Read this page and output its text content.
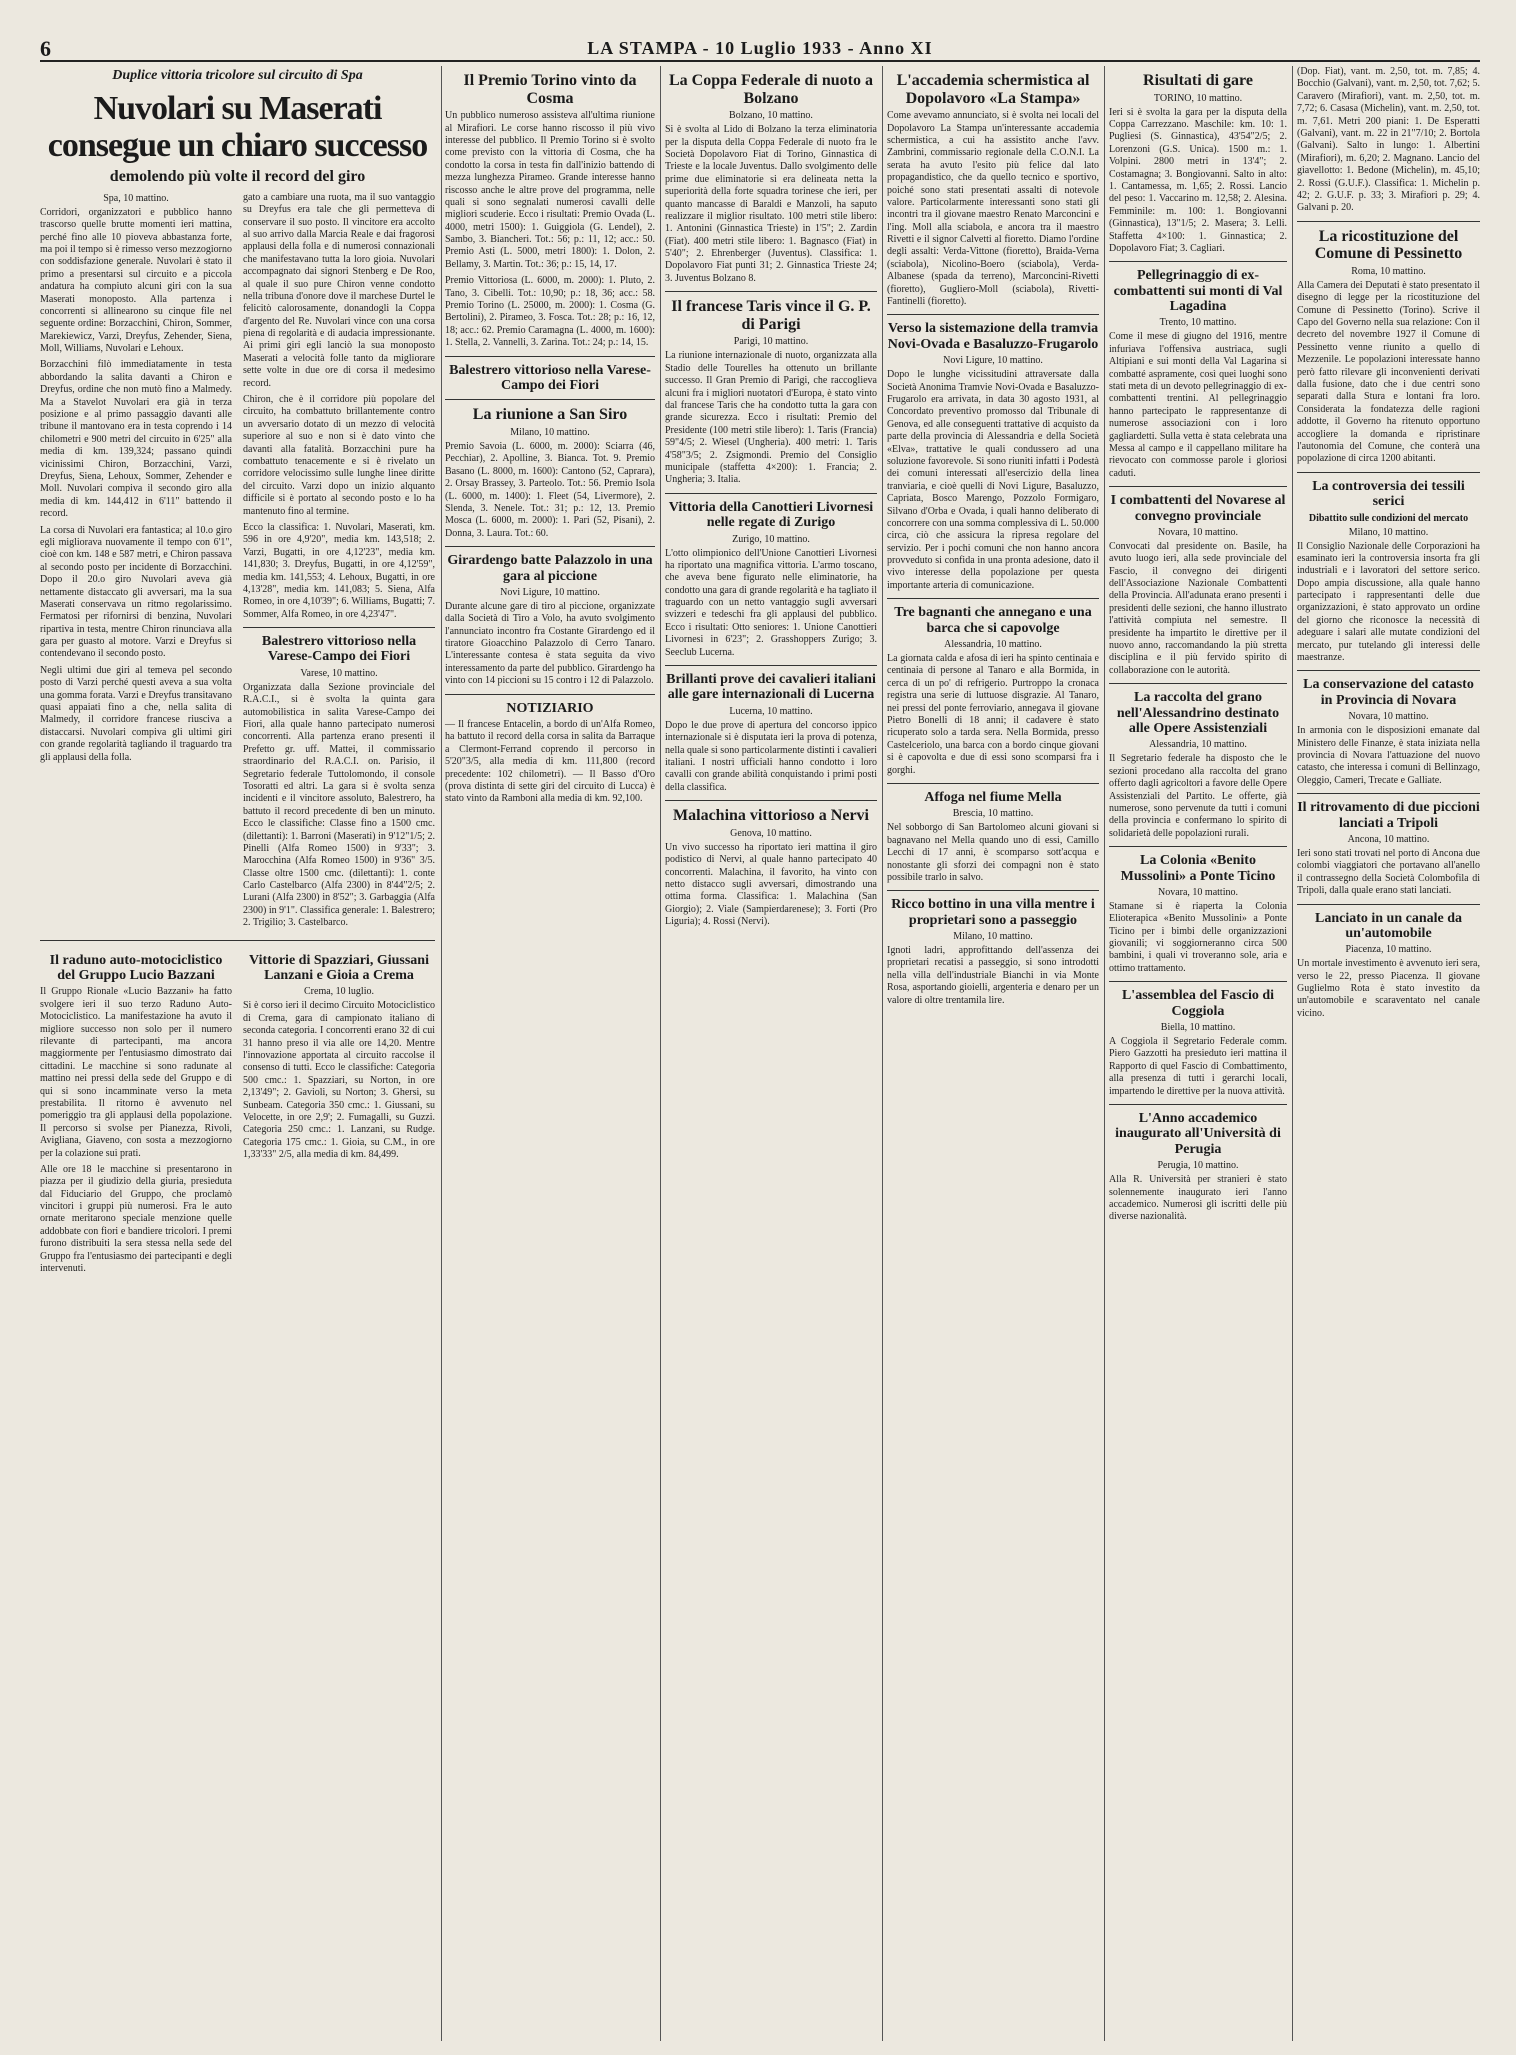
6	LA STAMPA - 10 Luglio 1933 - Anno XI
Duplice vittoria tricolore sul circuito di Spa
Nuvolari su Maserati consegue un chiaro successo
demolendo più volte il record del giro
Spa, 10 mattino.

Corridori, organizzatori e pubblico hanno trascorso quelle brutte momenti ieri mattina, perché fino alle 10 pioveva abbastanza forte, ma poi il tempo si è rimesso verso mezzogiorno con soddisfazione generale. Nuvolari è stato il primo a presentarsi sul circuito e a piccola andatura ha compiuto alcuni giri con la sua Maserati monoposto. Alla partenza i concorrenti si allinearono su cinque file nel seguente ordine: Borzacchini, Chiron, Sommer, Marekiewicz, Varzi, Dreyfus, Zehender, Siena, Moll, Williams, Nuvolari e Lehoux.

Borzacchini filò immediatamente in testa abbordando la salita davanti a Chiron e Dreyfus, ordine che non mutò fino a Malmedy. Ma a Stavelot Nuvolari era già in terza posizione e al primo passaggio davanti alle tribune il mantovano era in testa coprendo i 14 chilometri e 900 metri del circuito in 6'25" alla media di km. 139,324; passano quindi vicinissimi Chiron, Borzacchini, Varzi, Dreyfus, Siena, Lehoux, Sommer, Zehender e Moll. Nuvolari compiva il secondo giro alla media di km. 144,412 in 6'11" battendo il record.

La corsa di Nuvolari era fantastica; al 10.o giro egli migliorava nuovamente il tempo con 6'1", cioè con km. 148 e 587 metri, e Chiron passava al secondo posto per incidente di Borzacchini. Dopo il 20.o giro Nuvolari aveva già nettamente distaccato gli avversari, ma la sua Maserati conservava un ritmo regolarissimo. Fermatosi per rifornirsi di benzina, Nuvolari ripartiva in testa, mentre Chiron rinunciava alla gara per guasto al motore. Varzi e Dreyfus si contendevano il secondo posto.

Negli ultimi due giri al temeva pel secondo posto di Varzi perché questi aveva a sua volta una gomma forata. Varzi e Dreyfus transitavano quasi appaiati fino a che, nella salita di Malmedy, il corridore francese riusciva a distaccarsi. Nuvolari compiva gli ultimi giri con grande regolarità tagliando il traguardo tra gli applausi della folla.

gato a cambiare una ruota, ma il suo vantaggio su Dreyfus era tale che gli permetteva di conservare il suo posto. Il vincitore era accolto al suo arrivo dalla Marcia Reale e dai fragorosi applausi della folla e di numerosi connazionali che manifestavano tutta la loro gioia. Nuvolari accompagnato dai signori Stenberg e De Roo, al quale il suo pure Chiron venne condotto nella tribuna d'onore dove il marchese Durtel le felicitò calorosamente, donandogli la Coppa d'argento del Re. Nuvolari vince con una corsa piena di regolarità e di audacia impressionante. Ai primi giri egli lanciò la sua monoposto Maserati a velocità folle tanto da migliorare sette volte in due ore di corsa il medesimo record.

Chiron, che è il corridore più popolare del circuito, ha combattuto brillantemente contro un avversario dotato di un mezzo di velocità superiore al suo e non si è dato vinto che davanti alla fatalità. Borzacchini pure ha combattuto tenacemente e si è rivelato un corridore velocissimo sulle lunghe linee diritte del circuito. Varzi dopo un inizio alquanto difficile si è portato al secondo posto e lo ha mantenuto fino al termine.

Ecco la classifica: 1. Nuvolari, Maserati, km. 596 in ore 4,9'20", media km. 143,518; 2. Varzi, Bugatti, in ore 4,12'23", media km. 141,830; 3. Dreyfus, Bugatti, in ore 4,12'59", media km. 141,553; 4. Lehoux, Bugatti, in ore 4,13'28", media km. 141,083; 5. Siena, Alfa Romeo, in ore 4,10'39"; 6. Williams, Bugatti; 7. Sommer, Alfa Romeo, in ore 4,23'47".

Balestrero vittorioso nella Varese-Campo dei Fiori
Varese, 10 mattino.

Organizzata dalla Sezione provinciale del R.A.C.I., si è svolta la quinta gara automobilistica in salita Varese-Campo dei Fiori, alla quale hanno partecipato numerosi concorrenti. Alla partenza erano presenti il Prefetto gr. uff. Mattei, il commissario straordinario del R.A.C.I. on. Parisio, il Segretario federale Tuttolomondo, il console Tosoratti ed altri. La gara si è svolta senza incidenti e il vincitore assoluto, Balestrero, ha battuto il record precedente di ben un minuto. Ecco le classifiche: Classe fino a 1500 cmc. (dilettanti): 1. Barroni (Maserati) in 9'12"1/5; 2. Pinelli (Alfa Romeo 1500) in 9'33"; 3. Marocchina (Alfa Romeo 1500) in 9'36" 3/5. Classe oltre 1500 cmc. (dilettanti): 1. conte Carlo Castelbarco (Alfa 2300) in 8'44"2/5; 2. Lurani (Alfa 2300) in 8'52"; 3. Garbaggia (Alfa 2300) in 9'1". Classifica generale: 1. Balestrero; 2. Trigilio; 3. Castelbarco.

Il raduno auto-motociclistico del Gruppo Lucio Bazzani

Il Gruppo Rionale «Lucio Bazzani» ha fatto svolgere ieri il suo terzo Raduno Auto-Motociclistico. La manifestazione ha avuto il migliore successo non solo per il numero rilevante di partecipanti, ma ancora maggiormente per l'entusiasmo dimostrato dai cittadini. Le macchine si sono radunate al mattino nei pressi della sede del Gruppo e di qui si sono incamminate verso la meta prestabilita. Il ritorno è avvenuto nel pomeriggio tra gli applausi della popolazione. Il percorso si svolse per Pianezza, Rivoli, Avigliana, Giaveno, con sosta a mezzogiorno per la colazione sui prati.

Alle ore 18 le macchine si presentarono in piazza per il giudizio della giuria, presieduta dal Fiduciario del Gruppo, che proclamò vincitori i gruppi più numerosi. Fra le auto ornate meritarono speciale menzione quelle addobbate con fiori e bandiere tricolori. I premi furono distribuiti la sera stessa nella sede del Gruppo fra l'entusiasmo dei partecipanti e degli intervenuti.

Vittorie di Spazziari, Giussani Lanzani e Gioia a Crema
Crema, 10 luglio.

Si è corso ieri il decimo Circuito Motociclistico di Crema, gara di campionato italiano di seconda categoria. I concorrenti erano 32 di cui 31 hanno preso il via alle ore 14,20. Mentre l'innovazione apportata al circuito raccolse il consenso di tutti. Ecco le classifiche: Categoria 500 cmc.: 1. Spazziari, su Norton, in ore 2,13'49"; 2. Gavioli, su Norton; 3. Ghersi, su Sunbeam. Categoria 350 cmc.: 1. Giussani, su Velocette, in ore 2,9'; 2. Fumagalli, su Guzzi. Categoria 250 cmc.: 1. Lanzani, su Rudge. Categoria 175 cmc.: 1. Gioia, su C.M., in ore 1,33'33" 2/5, alla media di km. 84,499.

Il Premio Torino vinto da Cosma

Un pubblico numeroso assisteva all'ultima riunione al Mirafiori. Le corse hanno riscosso il più vivo interesse del pubblico. Il Premio Torino si è svolto come previsto con la vittoria di Cosma, che ha condotto la corsa in testa fin dall'inizio battendo di mezza lunghezza Pirameo. Grande interesse hanno riscosso anche le altre prove del programma, nelle quali si sono segnalati numerosi cavalli delle migliori scuderie. Ecco i risultati: Premio Ovada (L. 4000, metri 1500): 1. Guiggiola (G. Lendel), 2. Sambo, 3. Biancheri. Tot.: 56; p.: 11, 12; acc.: 50. Premio Asti (L. 5000, metri 1800): 1. Dolon, 2. Bellamy, 3. Martin. Tot.: 36; p.: 15, 14, 17.

Premio Vittoriosa (L. 6000, m. 2000): 1. Pluto, 2. Tano, 3. Cibelli. Tot.: 10,90; p.: 18, 36; acc.: 58. Premio Torino (L. 25000, m. 2000): 1. Cosma (G. Bertolini), 2. Pirameo, 3. Fosca. Tot.: 28; p.: 16, 12, 18; acc.: 62. Premio Caramagna (L. 4000, m. 1600): 1. Stella, 2. Vannelli, 3. Zarina. Tot.: 24; p.: 14, 15.

Balestrero vittorioso nella Varese-Campo dei Fiori
La riunione a San Siro
Milano, 10 mattino.

Premio Savoia (L. 6000, m. 2000): Sciarra (46, Pecchiar), 2. Apolline, 3. Bianca. Tot. 9. Premio Basano (L. 8000, m. 1600): Cantono (52, Caprara), 2. Orsay Brassey, 3. Parteolo. Tot.: 56. Premio Isola (L. 6000, m. 1400): 1. Fleet (54, Livermore), 2. Slenda, 3. Nenele. Tot.: 31; p.: 12, 13. Premio Mosca (L. 6000, m. 2000): 1. Pari (52, Pisani), 2. Donna, 3. Laura. Tot.: 60.

Girardengo batte Palazzolo in una gara al piccione
Novi Ligure, 10 mattino.

Durante alcune gare di tiro al piccione, organizzate dalla Società di Tiro a Volo, ha avuto svolgimento l'annunciato incontro fra Costante Girardengo ed il tiratore Gioacchino Palazzolo di Cerro Tanaro. L'interessante contesa è stata seguita da vivo interessamento da parte del pubblico. Girardengo ha vinto con 14 piccioni su 15 contro i 12 di Palazzolo.

NOTIZIARIO

— Il francese Entacelin, a bordo di un'Alfa Romeo, ha battuto il record della corsa in salita da Barraque a Clermont-Ferrand coprendo il percorso in 5'20"3/5, alla media di km. 111,800 (record precedente: 102 chilometri). — Il Basso d'Oro (prova distinta di sette giri del circuito di Lucca) è stato vinto da Ramboni alla media di km. 92,100.

La Coppa Federale di nuoto a Bolzano
Bolzano, 10 mattino.

Si è svolta al Lido di Bolzano la terza eliminatoria per la disputa della Coppa Federale di nuoto fra le Società Dopolavoro Fiat di Torino, Ginnastica di Trieste e la locale Juventus. Dallo svolgimento delle prime due eliminatorie si era delineata netta la superiorità della forte squadra torinese che ieri, per quanto mancasse di Baraldi e Manzoli, ha saputo realizzare il miglior risultato. 100 metri stile libero: 1. Antonini (Ginnastica Trieste) in 1'5"; 2. Zardin (Fiat). 400 metri stile libero: 1. Bagnasco (Fiat) in 5'40"; 2. Ehrenberger (Juventus). Classifica: 1. Dopolavoro Fiat punti 31; 2. Ginnastica Trieste 24; 3. Juventus Bolzano 8.

Il francese Taris vince il G. P. di Parigi
Parigi, 10 mattino.

La riunione internazionale di nuoto, organizzata alla Stadio delle Tourelles ha ottenuto un brillante successo. Il Gran Premio di Parigi, che raccoglieva alcuni fra i migliori nuotatori d'Europa, è stato vinto dal francese Taris che ha condotto tutta la gara con grande sicurezza. Ecco i risultati: Premio del Presidente (100 metri stile libero): 1. Taris (Francia) 59"4/5; 2. Wiesel (Ungheria). 400 metri: 1. Taris 4'58"3/5; 2. Zsigmondi. Premio del Consiglio municipale (staffetta 4×200): 1. Francia; 2. Ungheria; 3. Italia.

Vittoria della Canottieri Livornesi nelle regate di Zurigo
Zurigo, 10 mattino.

L'otto olimpionico dell'Unione Canottieri Livornesi ha riportato una magnifica vittoria. L'armo toscano, che aveva bene figurato nelle eliminatorie, ha condotto una gara di grande regolarità e ha tagliato il traguardo con un netto vantaggio sugli avversari svizzeri e tedeschi fra gli applausi del pubblico. Ecco i risultati: Otto seniores: 1. Unione Canottieri Livornesi in 6'23"; 2. Grasshoppers Zurigo; 3. Seeclub Lucerna.

Brillanti prove dei cavalieri italiani alle gare internazionali di Lucerna
Lucerna, 10 mattino.

Dopo le due prove di apertura del concorso ippico internazionale si è disputata ieri la prova di potenza, nella quale si sono particolarmente distinti i cavalieri italiani. I nostri ufficiali hanno condotto i loro cavalli con grande abilità conquistando i primi posti della classifica.

Malachina vittorioso a Nervi
Genova, 10 mattino.

Un vivo successo ha riportato ieri mattina il giro podistico di Nervi, al quale hanno partecipato 40 concorrenti. Malachina, il favorito, ha vinto con netto distacco sugli avversari, dimostrando una ottima forma. Classifica: 1. Malachina (San Giorgio); 2. Viale (Sampierdarenese); 3. Forti (Pro Liguria); 4. Rossi (Nervi).

L'accademia schermistica al Dopolavoro «La Stampa»

Come avevamo annunciato, si è svolta nei locali del Dopolavoro La Stampa un'interessante accademia schermistica, a cui ha assistito anche l'avv. Zambrini, commissario regionale della C.O.N.I. La serata ha avuto l'esito più felice dal lato propagandistico, che da quello tecnico e sportivo, poiché sono stati presentati assalti di notevole valore. Particolarmente interessanti sono stati gli incontri tra il giovane maestro Renato Marconcini e l'ing. Moll alla sciabola, e ancora tra il maestro Rivetti e il signor Calvetti al fioretto. Diamo l'ordine degli assalti: Verda-Vittone (fioretto), Braida-Verna (sciabola), Nicolino-Boero (sciabola), Verda-Albanese (spada da terreno), Marconcini-Rivetti (fioretto), Gugliero-Moll (sciabola), Rivetti-Fantinelli (fioretto).

Verso la sistemazione della tramvia Novi-Ovada e Basaluzzo-Frugarolo
Novi Ligure, 10 mattino.

Dopo le lunghe vicissitudini attraversate dalla Società Anonima Tramvie Novi-Ovada e Basaluzzo-Frugarolo era arrivata, in data 30 agosto 1931, al Concordato preventivo promosso dal Tribunale di Genova, ed alle conseguenti trattative di acquisto da parte della provincia di Alessandria e della Società «Elva», trattative le quali condussero ad una soluzione favorevole. Si sono riuniti infatti i Podestà dei comuni interessati all'esercizio della linea tranviaria, e cioè quelli di Novi Ligure, Basaluzzo, Capriata, Bosco Marengo, Pozzolo Formigaro, Silvano d'Orba e Ovada, i quali hanno deliberato di concorrere con una somma complessiva di L. 50.000 circa, ciò che assicura la ripresa regolare del servizio. Per i pochi comuni che non hanno ancora provveduto si confida in una pronta adesione, dato il vivo interesse della popolazione per questa importante arteria di comunicazione.

Tre bagnanti che annegano e una barca che si capovolge
Alessandria, 10 mattino.

La giornata calda e afosa di ieri ha spinto centinaia e centinaia di persone al Tanaro e alla Bormida, in cerca di un po' di refrigerio. Purtroppo la cronaca registra una serie di luttuose disgrazie. Al Tanaro, nei pressi del ponte ferroviario, annegava il giovane Pietro Bonelli di 18 anni; il cadavere è stato ricuperato solo a tarda sera. Nella Bormida, presso Castelceriolo, una barca con a bordo cinque giovani si è capovolta e due di essi sono scomparsi fra i gorghi.

Affoga nel fiume Mella
Brescia, 10 mattino.

Nel sobborgo di San Bartolomeo alcuni giovani si bagnavano nel Mella quando uno di essi, Camillo Lecchi di 17 anni, è scomparso sott'acqua e nonostante gli sforzi dei compagni non è stato possibile trarlo in salvo.

Ricco bottino in una villa mentre i proprietari sono a passeggio
Milano, 10 mattino.

Ignoti ladri, approfittando dell'assenza dei proprietari recatisi a passeggio, si sono introdotti nella villa dell'industriale Bianchi in via Monte Rosa, asportando gioielli, argenteria e denaro per un valore di oltre trentamila lire.

Risultati di gare
TORINO, 10 mattino.

Ieri si è svolta la gara per la disputa della Coppa Carrezzano. Maschile: km. 10: 1. Pugliesi (S. Ginnastica), 43'54"2/5; 2. Lorenzoni (G.S. Unica). 1500 m.: 1. Volpini. 2800 metri in 13'4"; 2. Costamagna; 3. Bongiovanni. Salto in alto: 1. Cantamessa, m. 1,65; 2. Rossi. Lancio del peso: 1. Vaccarino m. 12,58; 2. Alesina. Femminile: m. 100: 1. Bongiovanni (Ginnastica), 13"1/5; 2. Masera; 3. Lelli. Staffetta 4×100: 1. Ginnastica; 2. Dopolavoro Fiat; 3. Cagliari.

Pellegrinaggio di ex-combattenti sui monti di Val Lagadina
Trento, 10 mattino.

Come il mese di giugno del 1916, mentre infuriava l'offensiva austriaca, sugli Altipiani e sui monti della Val Lagarina si combatté aspramente, così quei luoghi sono stati meta di un devoto pellegrinaggio di ex-combattenti trentini. Al pellegrinaggio hanno partecipato le rappresentanze di numerose associazioni con i loro gagliardetti. Sulla vetta è stata celebrata una Messa al campo e il cappellano militare ha rievocato con commosse parole i gloriosi caduti.

I combattenti del Novarese al convegno provinciale
Novara, 10 mattino.

Convocati dal presidente on. Basile, ha avuto luogo ieri, alla sede provinciale del Fascio, il convegno dei dirigenti dell'Associazione Nazionale Combattenti della Provincia. All'adunata erano presenti i presidenti delle sezioni, che hanno illustrato l'attività compiuta nel semestre. Il presidente ha impartito le direttive per il nuovo anno, raccomandando la più stretta disciplina e il più fervido spirito di collaborazione con le autorità.

La raccolta del grano nell'Alessandrino destinato alle Opere Assistenziali
Alessandria, 10 mattino.

Il Segretario federale ha disposto che le sezioni procedano alla raccolta del grano offerto dagli agricoltori a favore delle Opere Assistenziali del Partito. Le offerte, già numerose, sono pervenute da tutti i comuni della provincia e confermano lo spirito di solidarietà delle popolazioni rurali.

La Colonia «Benito Mussolini» a Ponte Ticino
Novara, 10 mattino.

Stamane si è riaperta la Colonia Elioterapica «Benito Mussolini» a Ponte Ticino per i bimbi delle organizzazioni giovanili; vi soggiorneranno circa 500 bambini, i quali vi troveranno sole, aria e ottimo trattamento.

L'assemblea del Fascio di Coggiola
Biella, 10 mattino.

A Coggiola il Segretario Federale comm. Piero Gazzotti ha presieduto ieri mattina il Rapporto di quel Fascio di Combattimento, alla presenza di tutti i gerarchi locali, impartendo le direttive per la nuova attività.

L'Anno accademico inaugurato all'Università di Perugia
Perugia, 10 mattino.

Alla R. Università per stranieri è stato solennemente inaugurato ieri l'anno accademico. Numerosi gli iscritti delle più diverse nazionalità.

(Dop. Fiat), vant. m. 2,50, tot. m. 7,85; 4. Bocchio (Galvani), vant. m. 2,50, tot. 7,62; 5. Caravero (Mirafiori), vant. m. 2,50, tot. m. 7,72; 6. Casasa (Michelin), vant. m. 2,50, tot. m. 7,61. Metri 200 piani: 1. De Esperatti (Galvani), vant. m. 22 in 21"7/10; 2. Bortola (Galvani). Salto in lungo: 1. Albertini (Mirafiori), m. 6,20; 2. Magnano. Lancio del giavellotto: 1. Bedone (Michelin), m. 45,10; 2. Rossi (G.U.F.). Classifica: 1. Michelin p. 42; 2. G.U.F. p. 33; 3. Mirafiori p. 29; 4. Galvani p. 20.

La ricostituzione del Comune di Pessinetto
Roma, 10 mattino.

Alla Camera dei Deputati è stato presentato il disegno di legge per la ricostituzione del Comune di Pessinetto (Torino). Scrive il Capo del Governo nella sua relazione: Con il decreto del novembre 1927 il Comune di Pessinetto venne riunito a quello di Mezzenile. Le popolazioni interessate hanno però fatto rilevare gli inconvenienti derivati dalla fusione, dato che i due centri sono separati dalla Stura e lontani fra loro. Considerata la fondatezza delle ragioni addotte, il Governo ha ritenuto opportuno accogliere la domanda e ripristinare l'autonomia del Comune, che conterà una popolazione di circa 1200 abitanti.

La controversia dei tessili serici
Dibattito sulle condizioni del mercato
Milano, 10 mattino.

Il Consiglio Nazionale delle Corporazioni ha esaminato ieri la controversia insorta fra gli industriali e i lavoratori del settore serico. Dopo ampia discussione, alla quale hanno partecipato i rappresentanti delle due organizzazioni, è stato approvato un ordine del giorno che riconosce la necessità di adeguare i salari alle mutate condizioni del mercato, pur tutelando gli interessi delle maestranze.

La conservazione del catasto in Provincia di Novara
Novara, 10 mattino.

In armonia con le disposizioni emanate dal Ministero delle Finanze, è stata iniziata nella provincia di Novara l'attuazione del nuovo catasto, che interessa i comuni di Bellinzago, Oleggio, Cameri, Trecate e Galliate.

Il ritrovamento di due piccioni lanciati a Tripoli
Ancona, 10 mattino.

Ieri sono stati trovati nel porto di Ancona due colombi viaggiatori che portavano all'anello il contrassegno della Società Colombofila di Tripoli, dalla quale erano stati lanciati.

Lanciato in un canale da un'automobile
Piacenza, 10 mattino.

Un mortale investimento è avvenuto ieri sera, verso le 22, presso Piacenza. Il giovane Guglielmo Rota è stato investito da un'automobile e scaraventato nel canale vicino.
